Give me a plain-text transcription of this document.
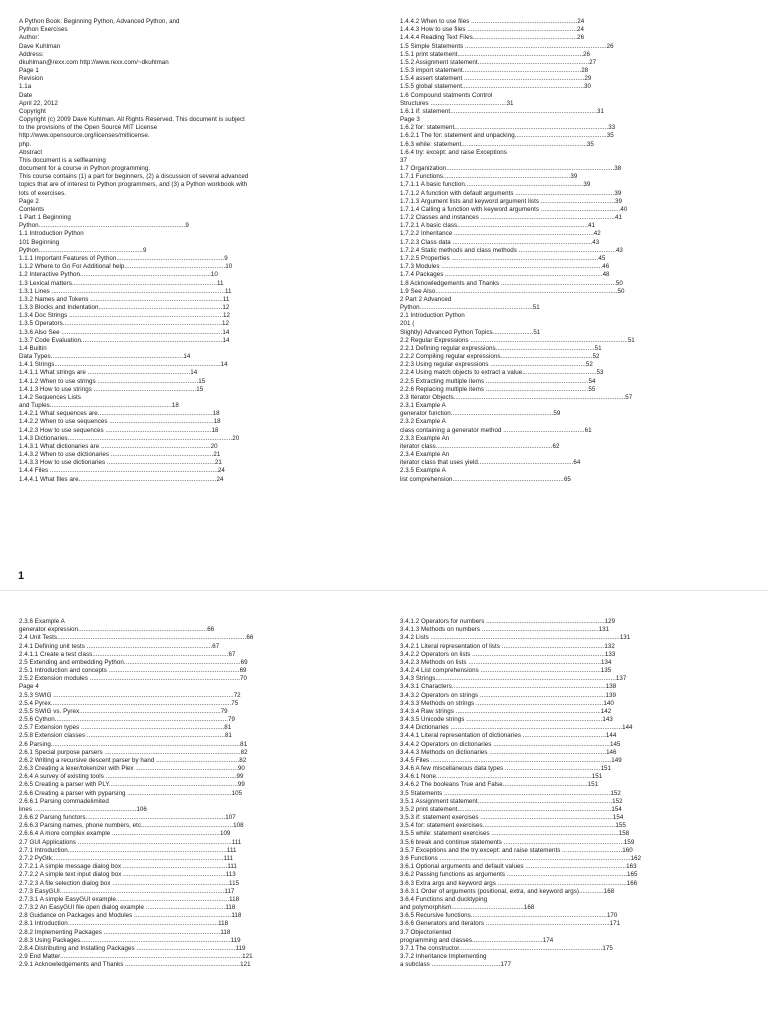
A Python Book: Beginning Python, Advanced Python, and
Python Exercises
Author:
Dave Kuhlman
Address:
dkuhlman@rexx.com http://www.rexx.com/~dkuhlman
Page 1
Revision
1.1a
Date
April 22, 2012
Copyright
Copyright (c) 2009 Dave Kuhlman. All Rights Reserved. This document is subject
to the provisions of the Open Source MIT License
http://www.opensource.org/licenses/mitlicense.
php.
Abstract
This document is a selflearning
document for a course in Python programming.
This course contains (1) a part for beginners, (2) a discussion of several advanced
topics that are of interest to Python programmers, and (3) a Python workbook with
lots of exercises.
Page 2
Contents
1 Part 1 Beginning
Python...................................................................................9
1.1 Introduction Python
101 Beginning
Python...........................................................9
1.1.1 Important Features of Python.............................................................9
1.1.2 Where to Go For Additional help.........................................................10
1.2 Interactive Python..........................................................................10
1.3 Lexical matters..................................................................................11
1.3.1 Lines ..................................................................................................11
1.3.2 Names and Tokens ...........................................................................11
1.3.3 Blocks and Indentation......................................................................12
1.3.4 Doc Strings .......................................................................................12
1.3.5 Operators..........................................................................................12
1.3.6 Also See ...........................................................................................14
1.3.7 Code Evaluation................................................................................14
1.4 Builtin
Data Types...........................................................................14
1.4.1 Strings..............................................................................................14
1.4.1.1 What strings are ..........................................................14
1.4.1.2 When to use strings .........................................................15
1.4.1.3 How to use strings ..........................................................15
1.4.2 Sequences Lists
and Tuples.....................................................................18
1.4.2.1 What sequences are.................................................................18
1.4.2.2 When to use sequences ...........................................................18
1.4.2.3 How to use sequences ............................................................18
1.4.3 Dictionaries.............................................................................................20
1.4.3.1 What dictionaries are ..............................................................20
1.4.3.2 When to use dictionaries ..........................................................21
1.4.3.3 How to use dictionaries .............................................................21
1.4.4 Files ...............................................................................................24
1.4.4.1 What files are..............................................................................24
1.4.4.2 When to use files ............................................................24
1.4.4.3 How to use files ..............................................................24
1.4.4.4 Reading Text Files...........................................................26
1.5 Simple Statements ................................................................................26
1.5.1 print statement.......................................................................26
1.5.2 Assignment statement...............................................................27
1.5.3 import statement...................................................................28
1.5.4 assert statement ....................................................................29
1.5.5 global statement.....................................................................30
1.6 Compound statments Control
Structures ...........................................31
1.6.1 if: statement...................................................................................31
Page 3
1.6.2 for: statement.......................................................................................33
1.6.2.1 The for: statement and unpacking....................................................35
1.6.3 while: statement.......................................................................35
1.6.4 try: except: and raise Exceptions
37
1.7 Organization...............................................................................................38
1.7.1 Functions........................................................................39
1.7.1.1 A basic function...................................................................39
1.7.1.2 A function with default arguments ........................................................39
1.7.1.3 Argument lists and keyword argument lists ..........................................39
1.7.1.4 Calling a function with keyword arguments .............................................40
1.7.2 Classes and instances ............................................................................41
1.7.2.1 A basic class..........................................................................41
1.7.2.2 Inheritance ...............................................................................42
1.7.2.3 Class data ...............................................................................43
1.7.2.4 Static methods and class methods .......................................................43
1.7.2.5 Properties ...................................................................................45
1.7.3 Modules ...........................................................................................46
1.7.4 Packages .........................................................................................48
1.8 Acknowledgements and Thanks .................................................................50
1.9 See Also.......................................................................................................50
2 Part 2 Advanced
Python................................................................51
2.1 Introduction Python
201 (
Slightly) Advanced Python Topics.......................51
2.2 Regular Expressions .........................................................................................51
2.2.1 Defining regular expressions........................................................51
2.2.2 Compiling regular expressions....................................................52
2.2.3 Using regular expressions ......................................................52
2.2.4 Using match objects to extract a value..........................................53
2.2.5 Extracting multiple items ..........................................................54
2.2.6 Replacing multiple items ..........................................................55
2.3 Iterator Objects.................................................................................................57
2.3.1 Example A
generator function..........................................................59
2.3.2 Example A
class containing a generator method ..............................................61
2.3.3 Example An
iterator class..................................................................62
2.3.4 Example An
iterator class that uses yield......................................................64
2.3.5 Example A
list comprehension...............................................................65
1
2.3.6 Example A
generator expression.........................................................................66
2.4 Unit Tests...........................................................................................................66
2.4.1 Defining unit tests .......................................................................67
2.4.1.1 Create a test class.............................................................................67
2.5 Extending and embedding Python..................................................................69
2.5.1 Introduction and concepts ..........................................................................69
2.5.2 Extension modules .....................................................................................70
Page 4
2.5.3 SWIG ......................................................................................................72
2.5.4 Pyrex......................................................................................................75
2.5.5 SWIG vs. Pyrex................................................................................79
2.5.6 Cython..................................................................................................79
2.5.7 Extension types .................................................................................81
2.5.8 Extension classes ..............................................................................81
2.6 Parsing...........................................................................................................81
2.6.1 Special purpose parsers .............................................................................82
2.6.2 Writing a recursive descent parser by hand ...............................................82
2.6.3 Creating a lexer/tokenizer with Plex ..........................................................90
2.6.4 A survey of existing tools ..........................................................................99
2.6.5 Creating a parser with PLY.........................................................................99
2.6.6 Creating a parser with pyparsing ...........................................................105
2.6.6.1 Parsing commadelimited
lines ..........................................................106
2.6.6.2 Parsing functors...............................................................................107
2.6.6.3 Parsing names, phone numbers, etc....................................................108
2.6.6.4 A more complex example .............................................................109
2.7 GUI Applications .......................................................................................111
2.7.1 Introduction..........................................................................................111
2.7.2 PyGtk.................................................................................................111
2.7.2.1 A simple message dialog box ...........................................................111
2.7.2.2 A simple text input dialog box ..........................................................113
2.7.2.3 A file selection dialog box ..................................................................115
2.7.3 EasyGUI.............................................................................................117
2.7.3.1 A simple EasyGUI example................................................................118
2.7.3.2 An EasyGUI file open dialog example .............................................118
2.8 Guidance on Packages and Modules .......................................................118
2.8.1 Introduction.....................................................................................118
2.8.2 Implementing Packages ..................................................................118
2.8.3 Using Packages.....................................................................................119
2.8.4 Distributing and Installing Packages ........................................................119
2.9 End Matter.......................................................................................................121
2.9.1 Acknowledgements and Thanks .................................................................121
3.4.1.2 Operators for numbers ...................................................................129
3.4.1.3 Methods on numbers ..................................................................131
3.4.2 Lists ...........................................................................................................131
3.4.2.1 Literal representation of lists ..........................................................132
3.4.2.2 Operators on lists ...........................................................................133
3.4.2.3 Methods on lists ...........................................................................134
3.4.2.4 List comprehensions ....................................................................135
3.4.3 Strings......................................................................................................137
3.4.3.1 Characters.......................................................................................138
3.4.3.2 Operators on strings .......................................................................139
3.4.3.3 Methods on strings ........................................................................140
3.4.3.4 Raw strings ..................................................................................142
3.4.3.5 Unicode strings .............................................................................143
3.4.4 Dictionaries .................................................................................................144
3.4.4.1 Literal representation of dictionaries ...............................................144
3.4.4.2 Operators on dictionaries ..................................................................145
3.4.4.3 Methods on dictionaries ..................................................................146
3.4.5 Files ......................................................................................................149
3.4.6 A few miscellaneous data types ......................................................151
3.4.6.1 None........................................................................................151
3.4.6.2 The booleans True and False................................................151
3.5 Statements ..............................................................................................152
3.5.1 Assignment statement............................................................................152
3.5.2 print statement.......................................................................................154
3.5.3 if: statement exercises ...........................................................................154
3.5.4 for: statement exercises...........................................................................155
3.5.5 while: statement exercises ........................................................................158
3.5.6 break and continue statements ....................................................................159
3.5.7 Exceptions and the try:except: and raise statements ..................................160
3.6 Functions ............................................................................................................162
3.6.1 Optional arguments and default values .........................................................163
3.6.2 Passing functions as arguments ....................................................................165
3.6.3 Extra args and keyword args .........................................................................166
3.6.3.1 Order of arguments (positional, extra, and keyword args)..............168
3.6.4 Functions and ducktyping
and polymorphism.........................................168
3.6.5 Recursive functions.............................................................................170
3.6.6 Generators and iterators ......................................................................171
3.7 Objectoriented
programming and classes........................................174
3.7.1 The constructor.................................................................................175
3.7.2 Inheritance Implementing
a subclass .......................................177
